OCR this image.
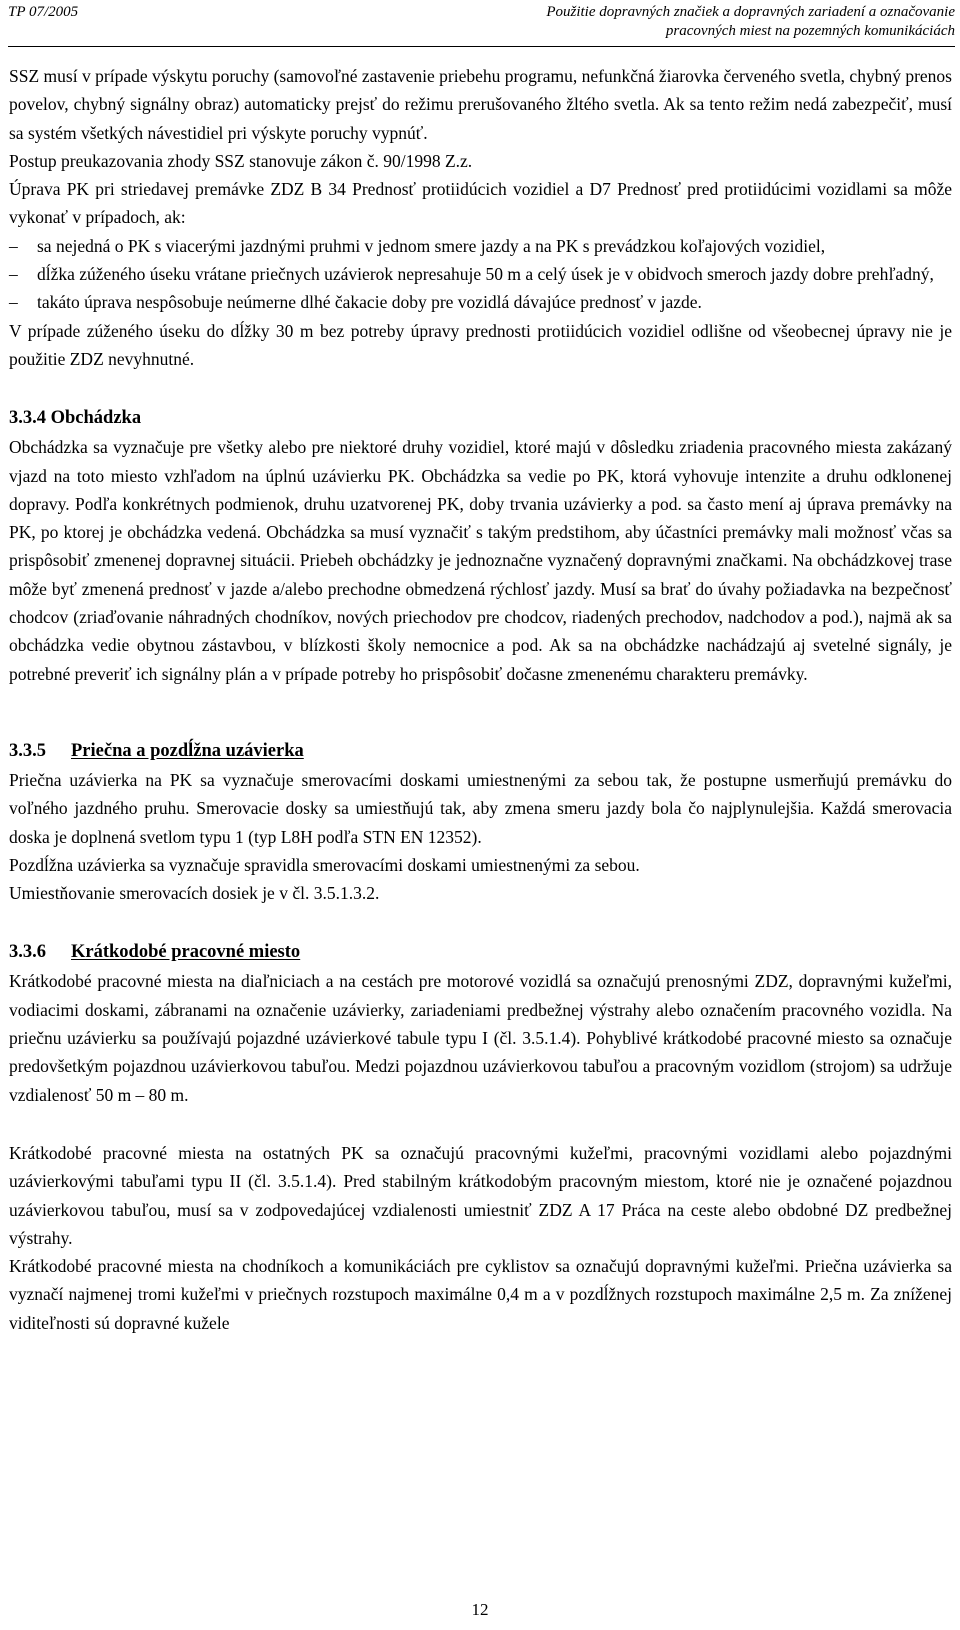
TP 07/2005	Použitie dopravných značiek a dopravných zariadení a označovanie
pracovných miest na pozemných komunikáciách

SSZ musí v prípade výskytu poruchy (samovoľné zastavenie priebehu programu, nefunkčná žiarovka červeného svetla, chybný prenos povelov, chybný signálny obraz) automaticky prejsť do režimu prerušovaného žltého svetla. Ak sa tento režim nedá zabezpečiť, musí sa systém všetkých návestidiel pri výskyte poruchy vypnúť.

Postup preukazovania zhody SSZ stanovuje zákon č. 90/1998 Z.z.

Úprava PK pri striedavej premávke ZDZ B 34 Prednosť protiidúcich vozidiel a D7 Prednosť pred protiidúcimi vozidlami sa môže vykonať v prípadoch, ak:

– sa nejedná o PK s viacerými jazdnými pruhmi v jednom smere jazdy a na PK s prevádzkou koľajových vozidiel,
– dĺžka zúženého úseku vrátane priečnych uzávierok nepresahuje 50 m a celý úsek je v obidvoch smeroch jazdy dobre prehľadný,
– takáto úprava nespôsobuje neúmerne dlhé čakacie doby pre vozidlá dávajúce prednosť v jazde.

V prípade zúženého úseku do dĺžky 30 m bez potreby úpravy prednosti protiidúcich vozidiel odlišne od všeobecnej úpravy nie je použitie ZDZ nevyhnutné.

3.3.4 Obchádzka

Obchádzka sa vyznačuje pre všetky alebo pre niektoré druhy vozidiel, ktoré majú v dôsledku zriadenia pracovného miesta zakázaný vjazd na toto miesto vzhľadom na úplnú uzávierku PK. Obchádzka sa vedie po PK, ktorá vyhovuje intenzite a druhu odklonenej dopravy. Podľa konkrétnych podmienok, druhu uzatvorenej PK, doby trvania uzávierky a pod. sa často mení aj úprava premávky na PK, po ktorej je obchádzka vedená. Obchádzka sa musí vyznačiť s takým predstihom, aby účastníci premávky mali možnosť včas sa prispôsobiť zmenenej dopravnej situácii. Priebeh obchádzky je jednoznačne vyznačený dopravnými značkami. Na obchádzkovej trase môže byť zmenená prednosť v jazde a/alebo prechodne obmedzená rýchlosť jazdy. Musí sa brať do úvahy požiadavka na bezpečnosť chodcov (zriaďovanie náhradných chodníkov, nových priechodov pre chodcov, riadených prechodov, nadchodov a pod.), najmä ak sa obchádzka vedie obytnou zástavbou, v blízkosti školy nemocnice a pod. Ak sa na obchádzke nachádzajú aj svetelné signály, je potrebné preveriť ich signálny plán a v prípade potreby ho prispôsobiť dočasne zmenenému charakteru premávky.

3.3.5 Priečna a pozdĺžna uzávierka

Priečna uzávierka na PK sa vyznačuje smerovacími doskami umiestnenými za sebou tak, že postupne usmerňujú premávku do voľného jazdného pruhu. Smerovacie dosky sa umiestňujú tak, aby zmena smeru jazdy bola čo najplynulejšia. Každá smerovacia doska je doplnená svetlom typu 1 (typ L8H podľa STN EN 12352).

Pozdĺžna uzávierka sa vyznačuje spravidla smerovacími doskami umiestnenými za sebou.

Umiestňovanie smerovacích dosiek je v čl. 3.5.1.3.2.

3.3.6 Krátkodobé pracovné miesto

Krátkodobé pracovné miesta na diaľniciach a na cestách pre motorové vozidlá sa označujú prenosnými ZDZ, dopravnými kužeľmi, vodiacimi doskami, zábranami na označenie uzávierky, zariadeniami predbežnej výstrahy alebo označením pracovného vozidla. Na priečnu uzávierku sa používajú pojazdné uzávierkové tabule typu I (čl. 3.5.1.4). Pohyblivé krátkodobé pracovné miesto sa označuje predovšetkým pojazdnou uzávierkovou tabuľou. Medzi pojazdnou uzávierkovou tabuľou a pracovným vozidlom (strojom) sa udržuje vzdialenosť 50 m – 80 m.

Krátkodobé pracovné miesta na ostatných PK sa označujú pracovnými kužeľmi, pracovnými vozidlami alebo pojazdnými uzávierkovými tabuľami typu II (čl. 3.5.1.4). Pred stabilným krátkodobým pracovným miestom, ktoré nie je označené pojazdnou uzávierkovou tabuľou, musí sa v zodpovedajúcej vzdialenosti umiestniť ZDZ A 17 Práca na ceste alebo obdobné DZ predbežnej výstrahy.

Krátkodobé pracovné miesta na chodníkoch a komunikáciách pre cyklistov sa označujú dopravnými kužeľmi. Priečna uzávierka sa vyznačí najmenej tromi kužeľmi v priečnych rozstupoch maximálne 0,4 m a v pozdĺžnych rozstupoch maximálne 2,5 m. Za zníženej viditeľnosti sú dopravné kužele

12
